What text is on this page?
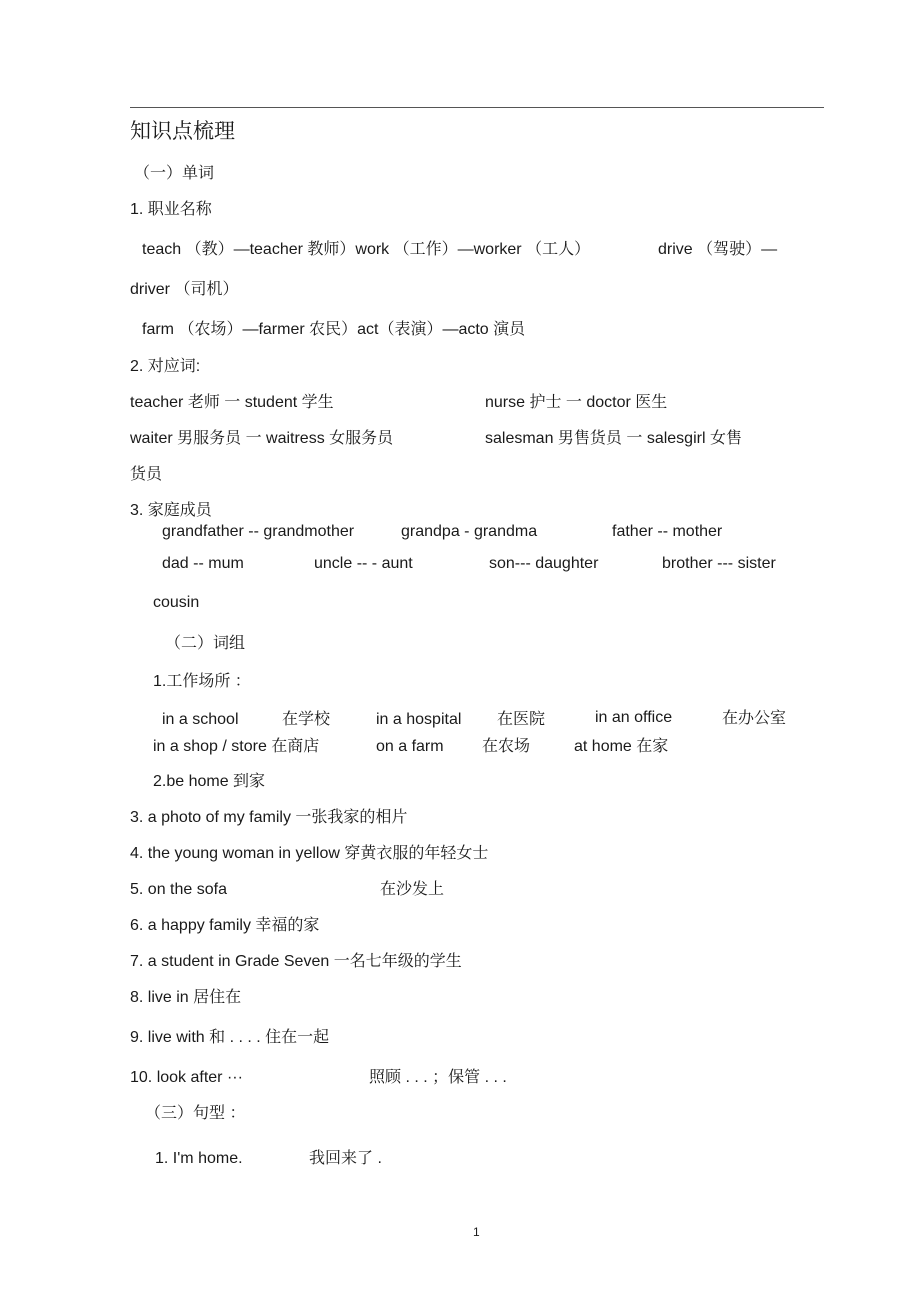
知识点梳理
（一）单词
1. 职业名称
teach （教）—teacher 教师）work （工作）—worker （工人）	drive （驾驶）—
driver （司机）
farm （农场）—farmer 农民）act（表演）—acto 演员
2. 对应词:
teacher 老师 一 student 学生	nurse 护士 一 doctor 医生
waiter 男服务员 一 waitress 女服务员	salesman 男售货员 一 salesgirl 女售
货员
3. 家庭成员
grandfather -- grandmother	grandpa - grandma	father -- mother
dad -- mum	uncle -- - aunt	son--- daughter	brother --- sister
cousin
（二）词组
1.工作场所 ：
in a school	在学校	in a hospital 在医院	in an office	在办公室
in a shop / store 在商店	on a farm 在农场	at home 在家
2.be home 到家
3. a photo of my family 一张我家的相片
4. the young woman in yellow 穿黄衣服的年轻女士
5. on the sofa	在沙发上
6. a happy family 幸福的家
7. a student in Grade Seven 一名七年级的学生
8. live in 居住在
9. live with 和 . . . . 住在一起
10. look after ···	照顾 . . . ；保管 . . .
（三）句型 ：
1. I'm home.	我回来了 .
1
